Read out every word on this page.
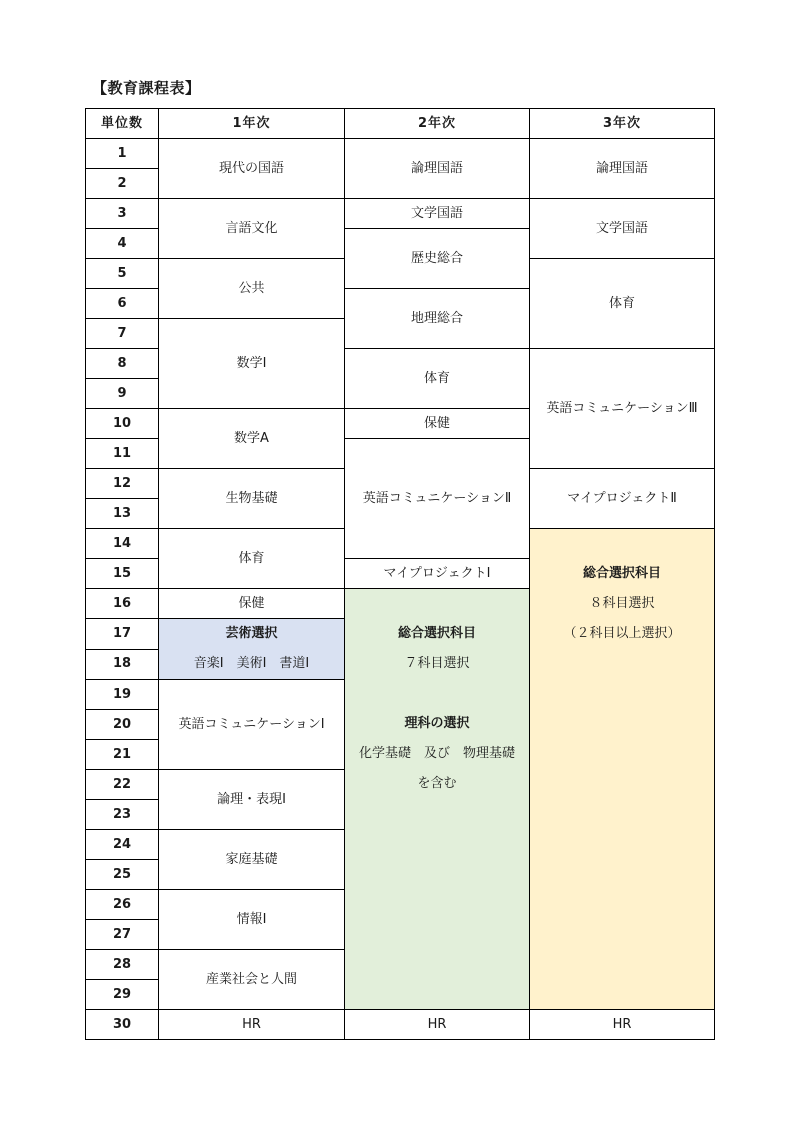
【教育課程表】
単位数	1年次	2年次	3年次
1	現代の国語	論理国語	論理国語
2			
3	言語文化	文学国語	文学国語
4		歴史総合	
5	公共		体育
6		地理総合	
7	数学Ⅰ		
8		体育	英語コミュニケーションⅢ
9			
10	数学A	保健	
11		英語コミュニケーションⅡ	
12	生物基礎		マイプロジェクトⅡ
13			
14	体育		総合選択科目
８科目選択
（２科目以上選択）

15		マイプロジェクトⅠ	
16	保健	総合選択科目
７科目選択
理科の選択
化学基礎　及び　物理基礎
を含む	

17	芸術選択
音楽Ⅰ　美術Ⅰ　書道Ⅰ		

18			
19	英語コミュニケーションⅠ		
20			
21			
22	論理・表現Ⅰ		
23			
24	家庭基礎		
25			
26	情報Ⅰ		
27			
28	産業社会と人間		
29			
30	HR	HR	HR
